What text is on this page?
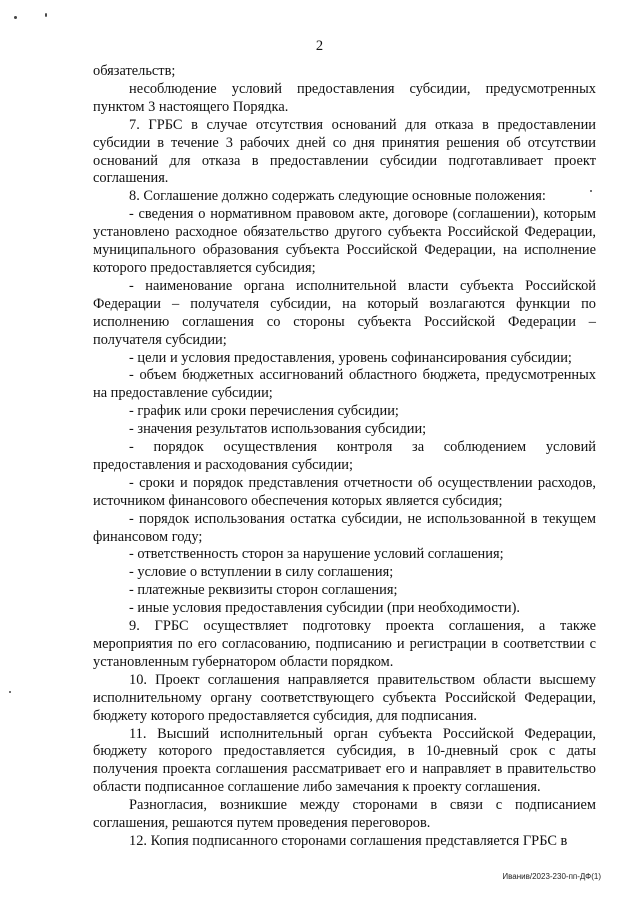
2

обязательств;

несоблюдение условий предоставления субсидии, предусмотренных пунктом 3 настоящего Порядка.

7. ГРБС в случае отсутствия оснований для отказа в предоставлении субсидии в течение 3 рабочих дней со дня принятия решения об отсутствии оснований для отказа в предоставлении субсидии подготавливает проект соглашения.

8. Соглашение должно содержать следующие основные положения:

- сведения о нормативном правовом акте, договоре (соглашении), которым установлено расходное обязательство другого субъекта Российской Федерации, муниципального образования субъекта Российской Федерации, на исполнение которого предоставляется субсидия;

- наименование органа исполнительной власти субъекта Российской Федерации – получателя субсидии, на который возлагаются функции по исполнению соглашения со стороны субъекта Российской Федерации – получателя субсидии;

- цели и условия предоставления, уровень софинансирования субсидии;

- объем бюджетных ассигнований областного бюджета, предусмотренных на предоставление субсидии;

- график или сроки перечисления субсидии;

- значения результатов использования субсидии;

- порядок осуществления контроля за соблюдением условий предоставления и расходования субсидии;

- сроки и порядок представления отчетности об осуществлении расходов, источником финансового обеспечения которых является субсидия;

- порядок использования остатка субсидии, не использованной в текущем финансовом году;

- ответственность сторон за нарушение условий соглашения;

- условие о вступлении в силу соглашения;

- платежные реквизиты сторон соглашения;

- иные условия предоставления субсидии (при необходимости).

9. ГРБС осуществляет подготовку проекта соглашения, а также мероприятия по его согласованию, подписанию и регистрации в соответствии с установленным губернатором области порядком.

10. Проект соглашения направляется правительством области высшему исполнительному органу соответствующего субъекта Российской Федерации, бюджету которого предоставляется субсидия, для подписания.

11. Высший исполнительный орган субъекта Российской Федерации, бюджету которого предоставляется субсидия, в 10-дневный срок с даты получения проекта соглашения рассматривает его и направляет в правительство области подписанное соглашение либо замечания к проекту соглашения.

Разногласия, возникшие между сторонами в связи с подписанием соглашения, решаются путем проведения переговоров.

12. Копия подписанного сторонами соглашения представляется ГРБС в

Иванив/2023-230-пп-ДФ(1)
